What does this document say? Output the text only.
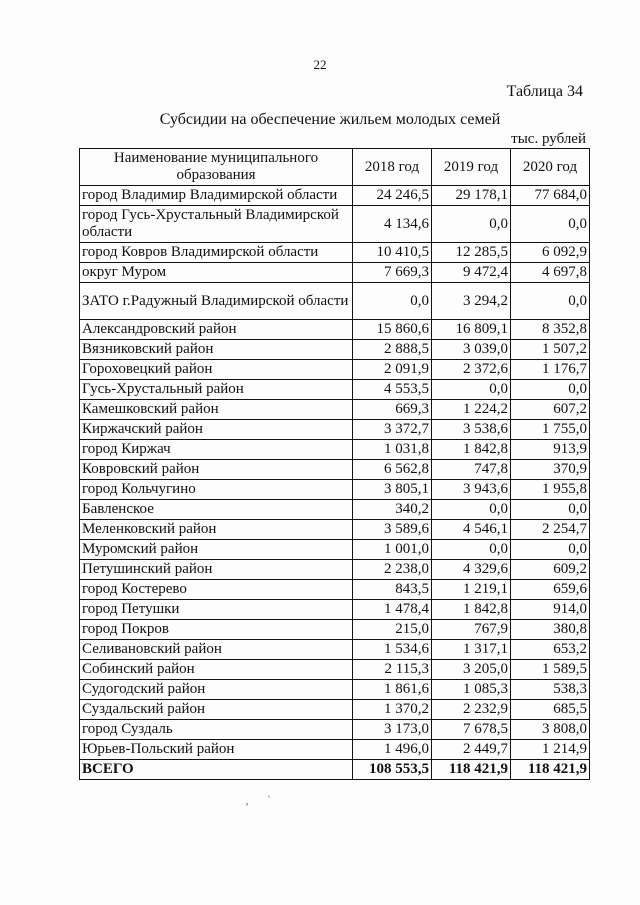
22
Таблица 34
Субсидии на обеспечение жильем молодых семей
тыс. рублей
Наименование муниципального образования	2018 год	2019 год	2020 год
город Владимир Владимирской области	24 246,5	29 178,1	77 684,0
город Гусь-Хрустальный Владимирской области	4 134,6	0,0	0,0
город Ковров Владимирской области	10 410,5	12 285,5	6 092,9
округ Муром	7 669,3	9 472,4	4 697,8
ЗАТО г.Радужный Владимирской области	0,0	3 294,2	0,0
Александровский район	15 860,6	16 809,1	8 352,8
Вязниковский район	2 888,5	3 039,0	1 507,2
Гороховецкий район	2 091,9	2 372,6	1 176,7
Гусь-Хрустальный район	4 553,5	0,0	0,0
Камешковский район	669,3	1 224,2	607,2
Киржачский район	3 372,7	3 538,6	1 755,0
город Киржач	1 031,8	1 842,8	913,9
Ковровский район	6 562,8	747,8	370,9
город Кольчугино	3 805,1	3 943,6	1 955,8
Бавленское	340,2	0,0	0,0
Меленковский район	3 589,6	4 546,1	2 254,7
Муромский район	1 001,0	0,0	0,0
Петушинский район	2 238,0	4 329,6	609,2
город Костерево	843,5	1 219,1	659,6
город Петушки	1 478,4	1 842,8	914,0
город Покров	215,0	767,9	380,8
Селивановский район	1 534,6	1 317,1	653,2
Собинский район	2 115,3	3 205,0	1 589,5
Судогодский район	1 861,6	1 085,3	538,3
Суздальский район	1 370,2	2 232,9	685,5
город Суздаль	3 173,0	7 678,5	3 808,0
Юрьев-Польский район	1 496,0	2 449,7	1 214,9
ВСЕГО	108 553,5	118 421,9	118 421,9
‚      `
